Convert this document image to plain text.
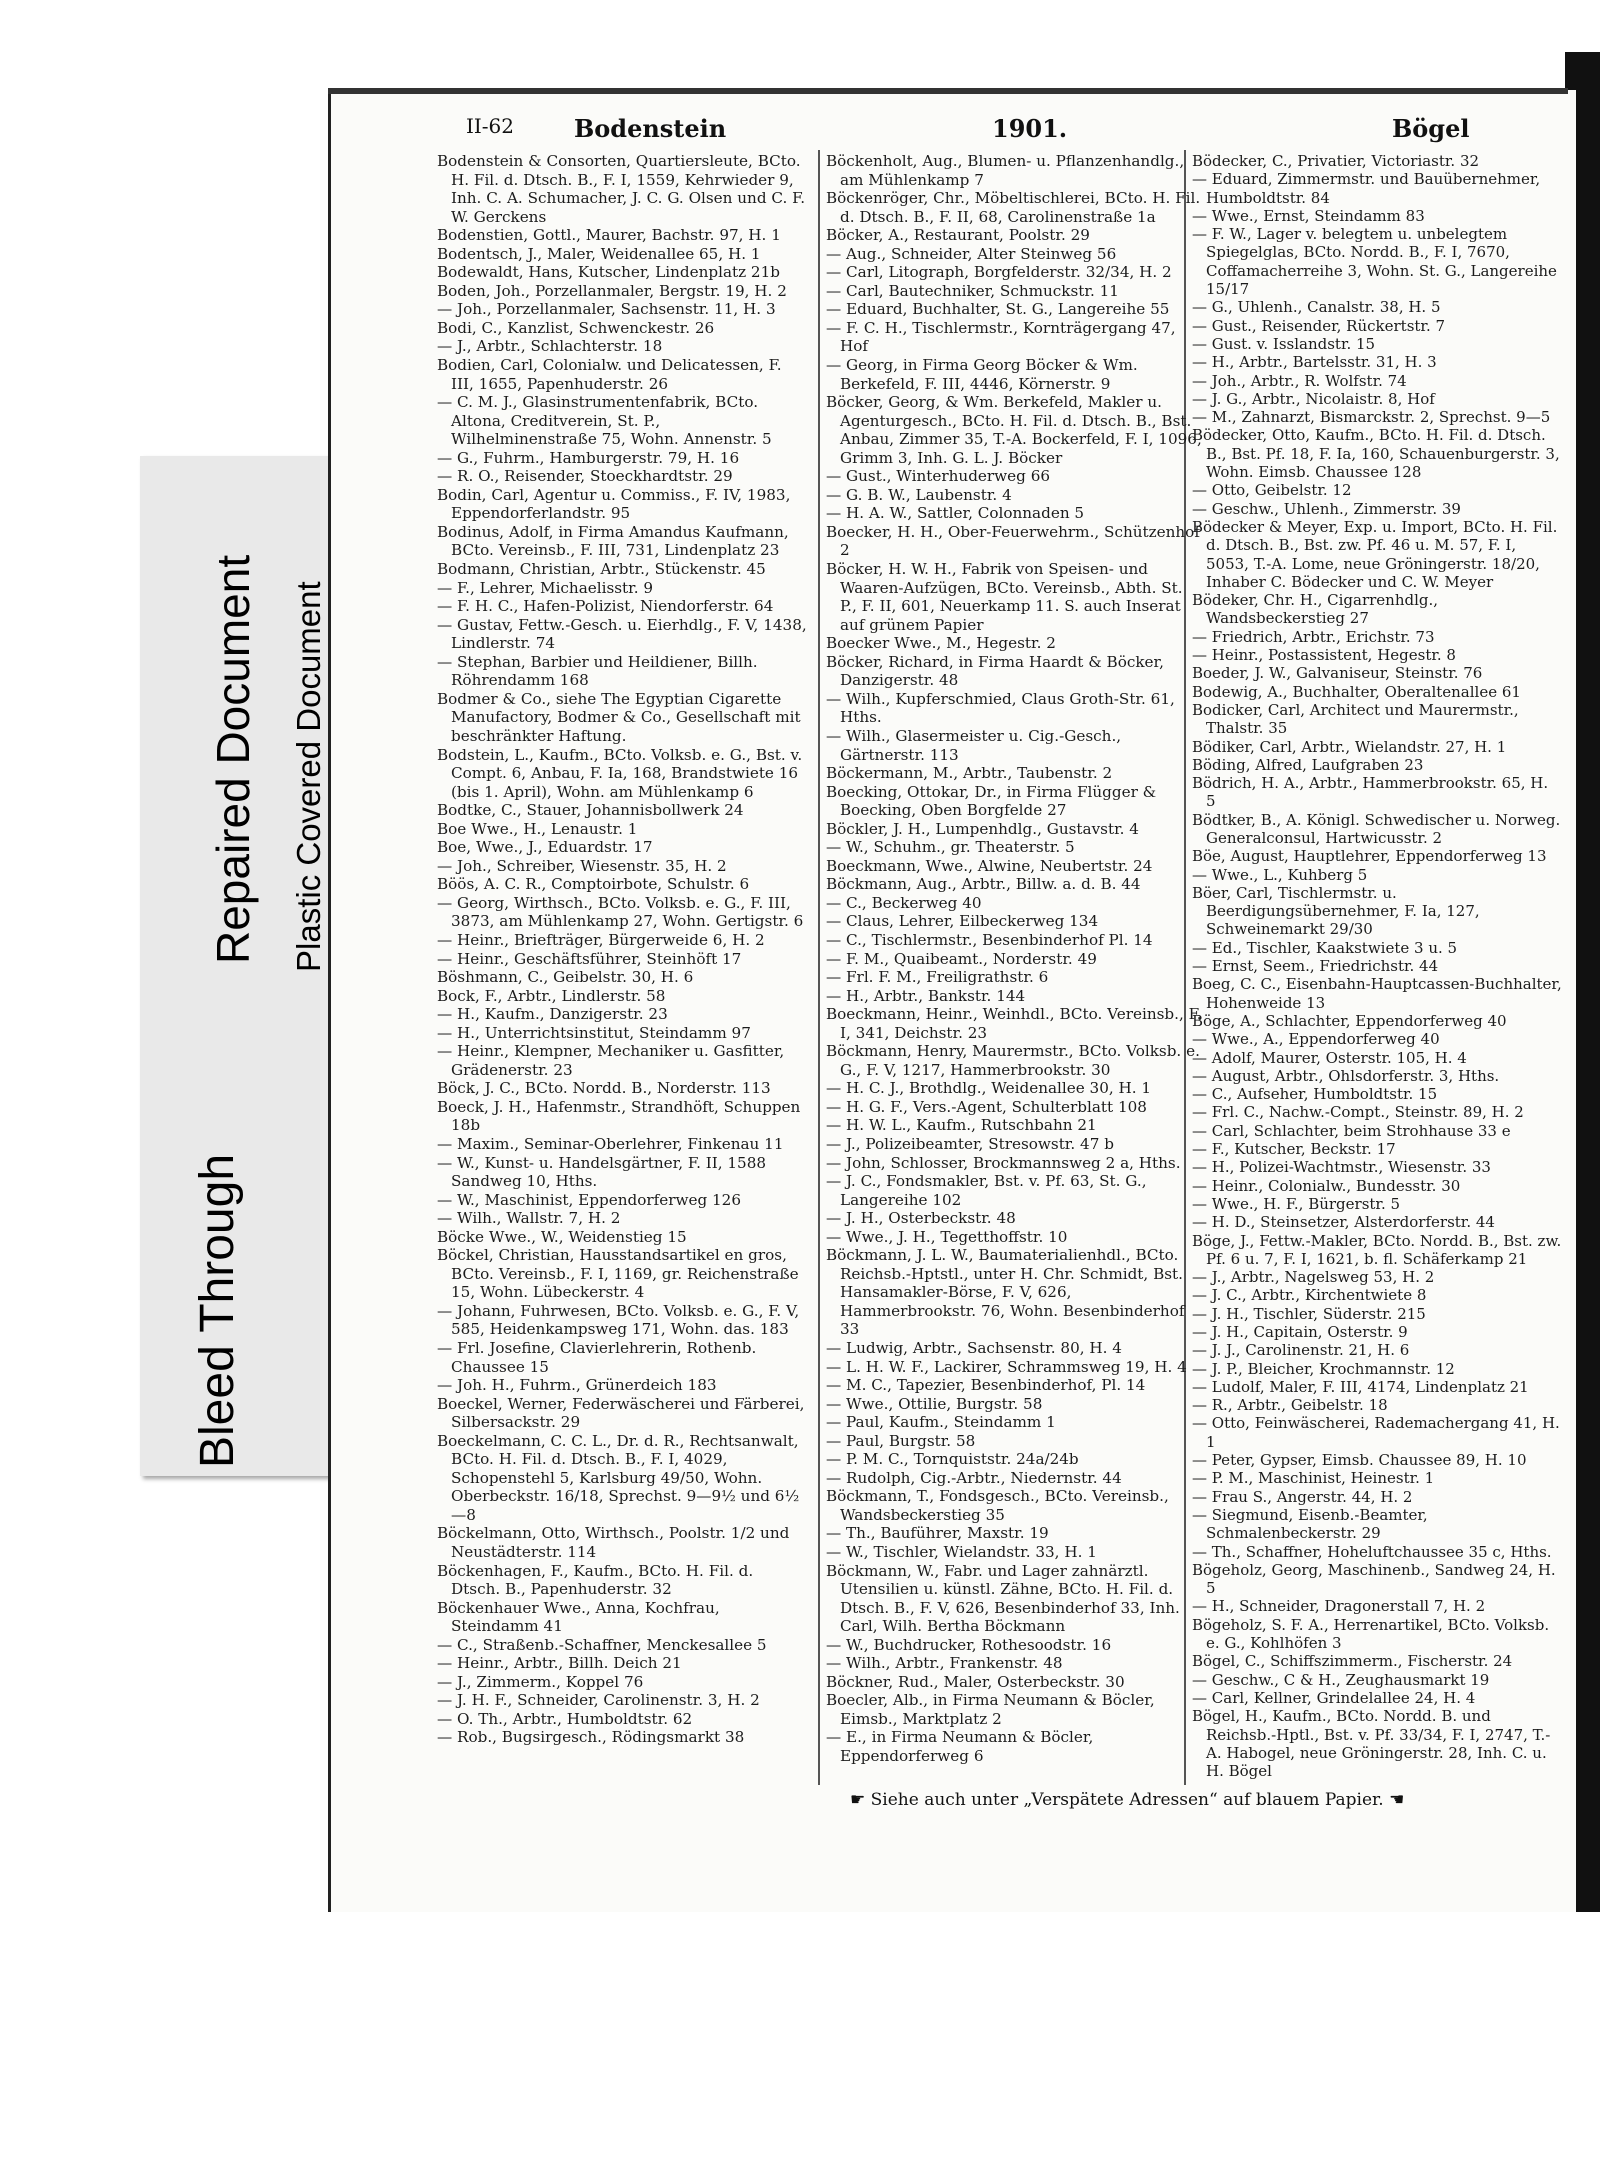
Bleed Through
Repaired Document Plastic Covered Document
II-62 Bodenstein	1901.	Bögel
Bodenstein & Consorten, Quartiersleute, BCto. H. Fil. d. Dtsch. B., F. I, 1559, Kehrwieder 9, Inh. C. A. Schumacher, J. C. G. Olsen und C. F. W. Gerckens
Bodenstien, Gottl., Maurer, Bachstr. 97, H. 1
Bodentsch, J., Maler, Weidenallee 65, H. 1
Bodewaldt, Hans, Kutscher, Lindenplatz 21b
Boden, Joh., Porzellanmaler, Bergstr. 19, H. 2
— Joh., Porzellanmaler, Sachsenstr. 11, H. 3
Bodi, C., Kanzlist, Schwenckestr. 26
— J., Arbtr., Schlachterstr. 18
Bodien, Carl, Colonialw. und Delicatessen, F. III, 1655, Papenhuderstr. 26
— C. M. J., Glasinstrumentenfabrik, BCto. Altona, Creditverein, St. P., Wilhelminenstraße 75, Wohn. Annenstr. 5
— G., Fuhrm., Hamburgerstr. 79, H. 16
— R. O., Reisender, Stoeckhardtstr. 29
Bodin, Carl, Agentur u. Commiss., F. IV, 1983, Eppendorferlandstr. 95
Bodinus, Adolf, in Firma Amandus Kaufmann, BCto. Vereinsb., F. III, 731, Lindenplatz 23
Bodmann, Christian, Arbtr., Stückenstr. 45
— F., Lehrer, Michaelisstr. 9
— F. H. C., Hafen-Polizist, Niendorferstr. 64
— Gustav, Fettw.-Gesch. u. Eierhdlg., F. V, 1438, Lindlerstr. 74
— Stephan, Barbier und Heildiener, Billh. Röhrendamm 168
Bodmer & Co., siehe The Egyptian Cigarette Manufactory, Bodmer & Co., Gesellschaft mit beschränkter Haftung.
Bodstein, L., Kaufm., BCto. Volksb. e. G., Bst. v. Compt. 6, Anbau, F. Ia, 168, Brandstwiete 16 (bis 1. April), Wohn. am Mühlenkamp 6
Bodtke, C., Stauer, Johannisbollwerk 24
Boe Wwe., H., Lenaustr. 1
Boe, Wwe., J., Eduardstr. 17
— Joh., Schreiber, Wiesenstr. 35, H. 2
Böös, A. C. R., Comptoirbote, Schulstr. 6
— Georg, Wirthsch., BCto. Volksb. e. G., F. III, 3873, am Mühlenkamp 27, Wohn. Gertigstr. 6
— Heinr., Briefträger, Bürgerweide 6, H. 2
— Heinr., Geschäftsführer, Steinhöft 17
Böshmann, C., Geibelstr. 30, H. 6
Bock, F., Arbtr., Lindlerstr. 58
— H., Kaufm., Danzigerstr. 23
— H., Unterrichtsinstitut, Steindamm 97
— Heinr., Klempner, Mechaniker u. Gasfitter, Grädenerstr. 23
Böck, J. C., BCto. Nordd. B., Norderstr. 113
Boeck, J. H., Hafenmstr., Strandhöft, Schuppen 18b
— Maxim., Seminar-Oberlehrer, Finkenau 11
— W., Kunst- u. Handelsgärtner, F. II, 1588 Sandweg 10, Hths.
— W., Maschinist, Eppendorferweg 126
— Wilh., Wallstr. 7, H. 2
Böcke Wwe., W., Weidenstieg 15
Böckel, Christian, Hausstandsartikel en gros, BCto. Vereinsb., F. I, 1169, gr. Reichenstraße 15, Wohn. Lübeckerstr. 4
— Johann, Fuhrwesen, BCto. Volksb. e. G., F. V, 585, Heidenkampsweg 171, Wohn. das. 183
— Frl. Josefine, Clavierlehrerin, Rothenb. Chaussee 15
— Joh. H., Fuhrm., Grünerdeich 183
Boeckel, Werner, Federwäscherei und Färberei, Silbersackstr. 29
Boeckelmann, C. C. L., Dr. d. R., Rechtsanwalt, BCto. H. Fil. d. Dtsch. B., F. I, 4029, Schopenstehl 5, Karlsburg 49/50, Wohn. Oberbeckstr. 16/18, Sprechst. 9—9½ und 6½—8
Böckelmann, Otto, Wirthsch., Poolstr. 1/2 und Neustädterstr. 114
Böckenhagen, F., Kaufm., BCto. H. Fil. d. Dtsch. B., Papenhuderstr. 32
Böckenhauer Wwe., Anna, Kochfrau, Steindamm 41
— C., Straßenb.-Schaffner, Menckesallee 5
— Heinr., Arbtr., Billh. Deich 21
— J., Zimmerm., Koppel 76
— J. H. F., Schneider, Carolinenstr. 3, H. 2
— O. Th., Arbtr., Humboldtstr. 62
— Rob., Bugsirgesch., Rödingsmarkt 38
Böckenholt, Aug., Blumen- u. Pflanzenhandlg., am Mühlenkamp 7
Böckenröger, Chr., Möbeltischlerei, BCto. H. Fil. d. Dtsch. B., F. II, 68, Carolinenstraße 1a
Böcker, A., Restaurant, Poolstr. 29
— Aug., Schneider, Alter Steinweg 56
— Carl, Litograph, Borgfelderstr. 32/34, H. 2
— Carl, Bautechniker, Schmuckstr. 11
— Eduard, Buchhalter, St. G., Langereihe 55
— F. C. H., Tischlermstr., Kornträgergang 47, Hof
— Georg, in Firma Georg Böcker & Wm. Berkefeld, F. III, 4446, Körnerstr. 9
Böcker, Georg, & Wm. Berkefeld, Makler u. Agenturgesch., BCto. H. Fil. d. Dtsch. B., Bst. Anbau, Zimmer 35, T.-A. Bockerfeld, F. I, 1096, Grimm 3, Inh. G. L. J. Böcker
— Gust., Winterhuderweg 66
— G. B. W., Laubenstr. 4
— H. A. W., Sattler, Colonnaden 5
Boecker, H. H., Ober-Feuerwehrm., Schützenhof 2
Böcker, H. W. H., Fabrik von Speisen- und Waaren-Aufzügen, BCto. Vereinsb., Abth. St. P., F. II, 601, Neuerkamp 11. S. auch Inserat auf grünem Papier
Boecker Wwe., M., Hegestr. 2
Böcker, Richard, in Firma Haardt & Böcker, Danzigerstr. 48
— Wilh., Kupferschmied, Claus Groth-Str. 61, Hths.
— Wilh., Glasermeister u. Cig.-Gesch., Gärtnerstr. 113
Böckermann, M., Arbtr., Taubenstr. 2
Boecking, Ottokar, Dr., in Firma Flügger & Boecking, Oben Borgfelde 27
Böckler, J. H., Lumpenhdlg., Gustavstr. 4
— W., Schuhm., gr. Theaterstr. 5
Boeckmann, Wwe., Alwine, Neubertstr. 24
Böckmann, Aug., Arbtr., Billw. a. d. B. 44
— C., Beckerweg 40
— Claus, Lehrer, Eilbeckerweg 134
— C., Tischlermstr., Besenbinderhof Pl. 14
— F. M., Quaibeamt., Norderstr. 49
— Frl. F. M., Freiligrathstr. 6
— H., Arbtr., Bankstr. 144
Boeckmann, Heinr., Weinhdl., BCto. Vereinsb., F. I, 341, Deichstr. 23
Böckmann, Henry, Maurermstr., BCto. Volksb. e. G., F. V, 1217, Hammerbrookstr. 30
— H. C. J., Brothdlg., Weidenallee 30, H. 1
— H. G. F., Vers.-Agent, Schulterblatt 108
— H. W. L., Kaufm., Rutschbahn 21
— J., Polizeibeamter, Stresowstr. 47 b
— John, Schlosser, Brockmannsweg 2 a, Hths.
— J. C., Fondsmakler, Bst. v. Pf. 63, St. G., Langereihe 102
— J. H., Osterbeckstr. 48
— Wwe., J. H., Tegetthoffstr. 10
Böckmann, J. L. W., Baumaterialienhdl., BCto. Reichsb.-Hptstl., unter H. Chr. Schmidt, Bst. Hansamakler-Börse, F. V, 626, Hammerbrookstr. 76, Wohn. Besenbinderhof 33
— Ludwig, Arbtr., Sachsenstr. 80, H. 4
— L. H. W. F., Lackirer, Schrammsweg 19, H. 4
— M. C., Tapezier, Besenbinderhof, Pl. 14
— Wwe., Ottilie, Burgstr. 58
— Paul, Kaufm., Steindamm 1
— Paul, Burgstr. 58
— P. M. C., Tornquiststr. 24a/24b
— Rudolph, Cig.-Arbtr., Niedernstr. 44
Böckmann, T., Fondsgesch., BCto. Vereinsb., Wandsbeckerstieg 35
— Th., Bauführer, Maxstr. 19
— W., Tischler, Wielandstr. 33, H. 1
Böckmann, W., Fabr. und Lager zahnärztl. Utensilien u. künstl. Zähne, BCto. H. Fil. d. Dtsch. B., F. V, 626, Besenbinderhof 33, Inh. Carl, Wilh. Bertha Böckmann
— W., Buchdrucker, Rothesoodstr. 16
— Wilh., Arbtr., Frankenstr. 48
Böckner, Rud., Maler, Osterbeckstr. 30
Boecler, Alb., in Firma Neumann & Böcler, Eimsb., Marktplatz 2
— E., in Firma Neumann & Böcler, Eppendorferweg 6
Bödecker, C., Privatier, Victoriastr. 32
— Eduard, Zimmermstr. und Bauübernehmer, Humboldtstr. 84
— Wwe., Ernst, Steindamm 83
— F. W., Lager v. belegtem u. unbelegtem Spiegelglas, BCto. Nordd. B., F. I, 7670, Coffamacherreihe 3, Wohn. St. G., Langereihe 15/17
— G., Uhlenh., Canalstr. 38, H. 5
— Gust., Reisender, Rückertstr. 7
— Gust. v. Isslandstr. 15
— H., Arbtr., Bartelsstr. 31, H. 3
— Joh., Arbtr., R. Wolfstr. 74
— J. G., Arbtr., Nicolaistr. 8, Hof
— M., Zahnarzt, Bismarckstr. 2, Sprechst. 9—5
Bödecker, Otto, Kaufm., BCto. H. Fil. d. Dtsch. B., Bst. Pf. 18, F. Ia, 160, Schauenburgerstr. 3, Wohn. Eimsb. Chaussee 128
— Otto, Geibelstr. 12
— Geschw., Uhlenh., Zimmerstr. 39
Bödecker & Meyer, Exp. u. Import, BCto. H. Fil. d. Dtsch. B., Bst. zw. Pf. 46 u. M. 57, F. I, 5053, T.-A. Lome, neue Gröningerstr. 18/20, Inhaber C. Bödecker und C. W. Meyer
Bödeker, Chr. H., Cigarrenhdlg., Wandsbeckerstieg 27
— Friedrich, Arbtr., Erichstr. 73
— Heinr., Postassistent, Hegestr. 8
Boeder, J. W., Galvaniseur, Steinstr. 76
Bodewig, A., Buchhalter, Oberaltenallee 61
Bodicker, Carl, Architect und Maurermstr., Thalstr. 35
Bödiker, Carl, Arbtr., Wielandstr. 27, H. 1
Böding, Alfred, Laufgraben 23
Bödrich, H. A., Arbtr., Hammerbrookstr. 65, H. 5
Bödtker, B., A. Königl. Schwedischer u. Norweg. Generalconsul, Hartwicusstr. 2
Böe, August, Hauptlehrer, Eppendorferweg 13
— Wwe., L., Kuhberg 5
Böer, Carl, Tischlermstr. u. Beerdigungsübernehmer, F. Ia, 127, Schweinemarkt 29/30
— Ed., Tischler, Kaakstwiete 3 u. 5
— Ernst, Seem., Friedrichstr. 44
Boeg, C. C., Eisenbahn-Hauptcassen-Buchhalter, Hohenweide 13
Böge, A., Schlachter, Eppendorferweg 40
— Wwe., A., Eppendorferweg 40
— Adolf, Maurer, Osterstr. 105, H. 4
— August, Arbtr., Ohlsdorferstr. 3, Hths.
— C., Aufseher, Humboldtstr. 15
— Frl. C., Nachw.-Compt., Steinstr. 89, H. 2
— Carl, Schlachter, beim Strohhause 33 e
— F., Kutscher, Beckstr. 17
— H., Polizei-Wachtmstr., Wiesenstr. 33
— Heinr., Colonialw., Bundesstr. 30
— Wwe., H. F., Bürgerstr. 5
— H. D., Steinsetzer, Alsterdorferstr. 44
Böge, J., Fettw.-Makler, BCto. Nordd. B., Bst. zw. Pf. 6 u. 7, F. I, 1621, b. fl. Schäferkamp 21
— J., Arbtr., Nagelsweg 53, H. 2
— J. C., Arbtr., Kirchentwiete 8
— J. H., Tischler, Süderstr. 215
— J. H., Capitain, Osterstr. 9
— J. J., Carolinenstr. 21, H. 6
— J. P., Bleicher, Krochmannstr. 12
— Ludolf, Maler, F. III, 4174, Lindenplatz 21
— R., Arbtr., Geibelstr. 18
— Otto, Feinwäscherei, Rademachergang 41, H. 1
— Peter, Gypser, Eimsb. Chaussee 89, H. 10
— P. M., Maschinist, Heinestr. 1
— Frau S., Angerstr. 44, H. 2
— Siegmund, Eisenb.-Beamter, Schmalenbeckerstr. 29
— Th., Schaffner, Hoheluftchaussee 35 c, Hths.
Bögeholz, Georg, Maschinenb., Sandweg 24, H. 5
— H., Schneider, Dragonerstall 7, H. 2
Bögeholz, S. F. A., Herrenartikel, BCto. Volksb. e. G., Kohlhöfen 3
Bögel, C., Schiffszimmerm., Fischerstr. 24
— Geschw., C & H., Zeughausmarkt 19
— Carl, Kellner, Grindelallee 24, H. 4
Bögel, H., Kaufm., BCto. Nordd. B. und Reichsb.-Hptl., Bst. v. Pf. 33/34, F. I, 2747, T.-A. Habogel, neue Gröningerstr. 28, Inh. C. u. H. Bögel
☛ Siehe auch unter „Verspätete Adressen“ auf blauem Papier. ☚
